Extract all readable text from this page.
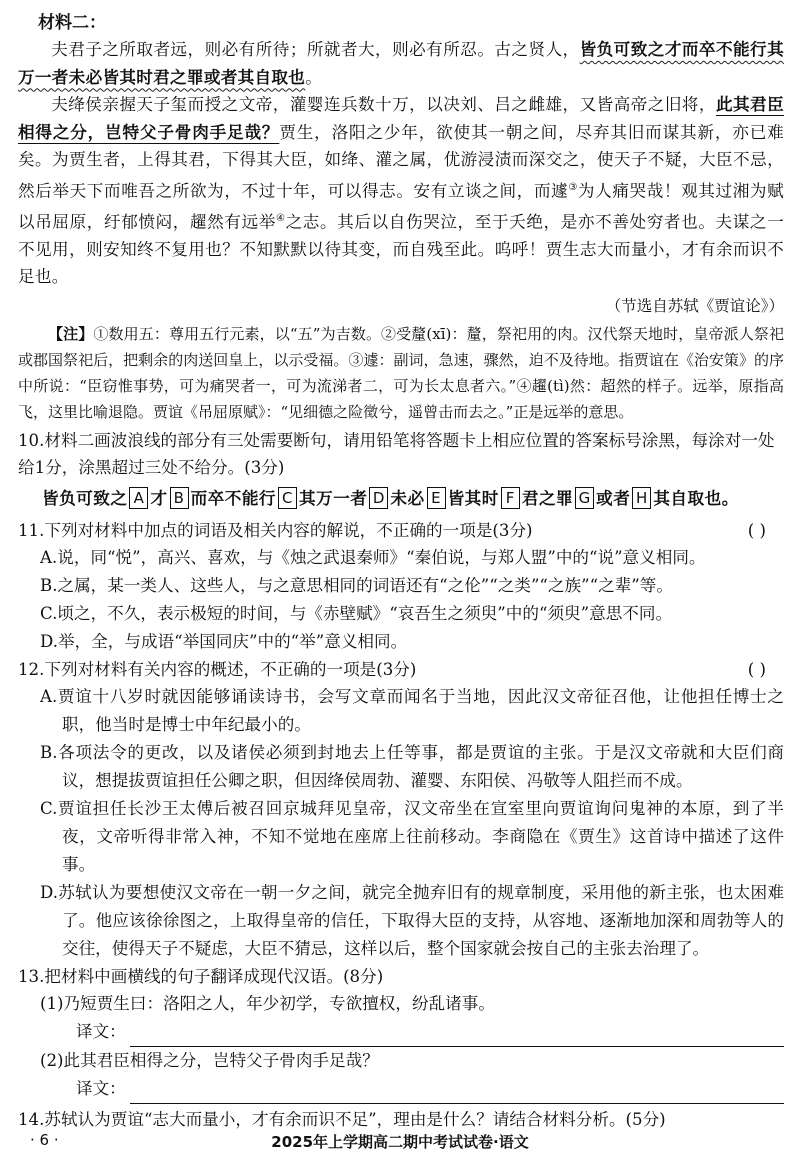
材料二：

夫君子之所取者远，则必有所待；所就者大，则必有所忍。古之贤人，皆负可致之才而卒不能行其万一者未必皆其时君之罪或者其自取也。

夫绛侯亲握天子玺而授之文帝，灌婴连兵数十万，以决刘、吕之雌雄，又皆高帝之旧将，此其君臣相得之分，岂特父子骨肉手足哉？贾生，洛阳之少年，欲使其一朝之间，尽弃其旧而谋其新，亦已难矣。为贾生者，上得其君，下得其大臣，如绛、灌之属，优游浸渍而深交之，使天子不疑，大臣不忌，然后举天下而唯吾之所欲为，不过十年，可以得志。安有立谈之间，而遽③为人痛哭哉！观其过湘为赋以吊屈原，纡郁愤闷，趯然有远举④之志。其后以自伤哭泣，至于夭绝，是亦不善处穷者也。夫谋之一不见用，则安知终不复用也？不知默默以待其变，而自残至此。呜呼！贾生志大而量小，才有余而识不足也。

（节选自苏轼《贾谊论》）

【注】①数用五：尊用五行元素，以“五”为吉数。②受釐(xī)：釐，祭祀用的肉。汉代祭天地时，皇帝派人祭祀或郡国祭祀后，把剩余的肉送回皇上，以示受福。③遽：副词，急速，骤然，迫不及待地。指贾谊在《治安策》的序中所说：“臣窃惟事势，可为痛哭者一，可为流涕者二，可为长太息者六。”④趯(tì)然：超然的样子。远举，原指高飞，这里比喻退隐。贾谊《吊屈原赋》：“见细德之险徵兮，遥曾击而去之。”正是远举的意思。

10.材料二画波浪线的部分有三处需要断句，请用铅笔将答题卡上相应位置的答案标号涂黑，每涂对一处给1分，涂黑超过三处不给分。(3分)

皆负可致之 A 才 B 而卒不能行 C 其万一者 D 未必 E 皆其时 F 君之罪 G 或者 H 其自取也。

11.下列对材料中加点的词语及相关内容的解说，不正确的一项是(3分)	( )

A.说，同“悦”，高兴、喜欢，与《烛之武退秦师》“秦伯说，与郑人盟”中的“说”意义相同。

B.之属，某一类人、这些人，与之意思相同的词语还有“之伦”“之类”“之族”“之辈”等。

C.顷之，不久，表示极短的时间，与《赤壁赋》“哀吾生之须臾”中的“须臾”意思不同。

D.举，全，与成语“举国同庆”中的“举”意义相同。

12.下列对材料有关内容的概述，不正确的一项是(3分)	( )

A.贾谊十八岁时就因能够诵读诗书，会写文章而闻名于当地，因此汉文帝征召他，让他担任博士之职，他当时是博士中年纪最小的。

B.各项法令的更改，以及诸侯必须到封地去上任等事，都是贾谊的主张。于是汉文帝就和大臣们商议，想提拔贾谊担任公卿之职，但因绛侯周勃、灌婴、东阳侯、冯敬等人阻拦而不成。

C.贾谊担任长沙王太傅后被召回京城拜见皇帝，汉文帝坐在宣室里向贾谊询问鬼神的本原，到了半夜，文帝听得非常入神，不知不觉地在座席上往前移动。李商隐在《贾生》这首诗中描述了这件事。

D.苏轼认为要想使汉文帝在一朝一夕之间，就完全抛弃旧有的规章制度，采用他的新主张，也太困难了。他应该徐徐图之，上取得皇帝的信任，下取得大臣的支持，从容地、逐渐地加深和周勃等人的交往，使得天子不疑虑，大臣不猜忌，这样以后，整个国家就会按自己的主张去治理了。

13.把材料中画横线的句子翻译成现代汉语。(8分)

(1)乃短贾生曰：洛阳之人，年少初学，专欲擅权，纷乱诸事。

译文：

(2)此其君臣相得之分，岂特父子骨肉手足哉？

译文：

14.苏轼认为贾谊“志大而量小，才有余而识不足”，理由是什么？请结合材料分析。(5分)

· 6 ·	2025年上学期高二期中考试试卷·语文
